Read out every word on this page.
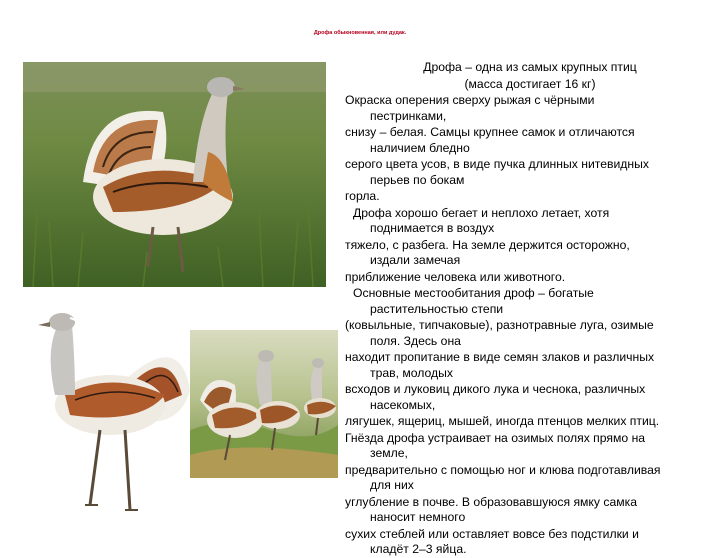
Дрофа обыкновенная, или дудак.

Дрофа – одна из самых крупных птиц

(масса достигает 16 кг)

Окраска оперения сверху рыжая с чёрными

пестринками,

снизу – белая. Самцы крупнее самок и отличаются

наличием бледно

серого цвета усов, в виде пучка длинных нитевидных

перьев по бокам

горла.

Дрофа хорошо бегает и неплохо летает, хотя

поднимается в воздух

тяжело, с разбега. На земле держится осторожно,

издали замечая

приближение человека или животного.

Основные местообитания дроф – богатые

растительностью степи

(ковыльные, типчаковые), разнотравные луга, озимые

поля. Здесь она

находит пропитание в виде семян злаков и различных

трав, молодых

всходов и луковиц дикого лука и чеснока, различных

насекомых,

лягушек, ящериц, мышей, иногда птенцов мелких птиц.

Гнёзда дрофа устраивает на озимых полях прямо на

земле,

предварительно с помощью ног и клюва подготавливая

для них

углубление в почве. В образовавшуюся ямку самка

наносит немного

сухих стеблей или оставляет вовсе без подстилки и

кладёт 2–3 яйца.
